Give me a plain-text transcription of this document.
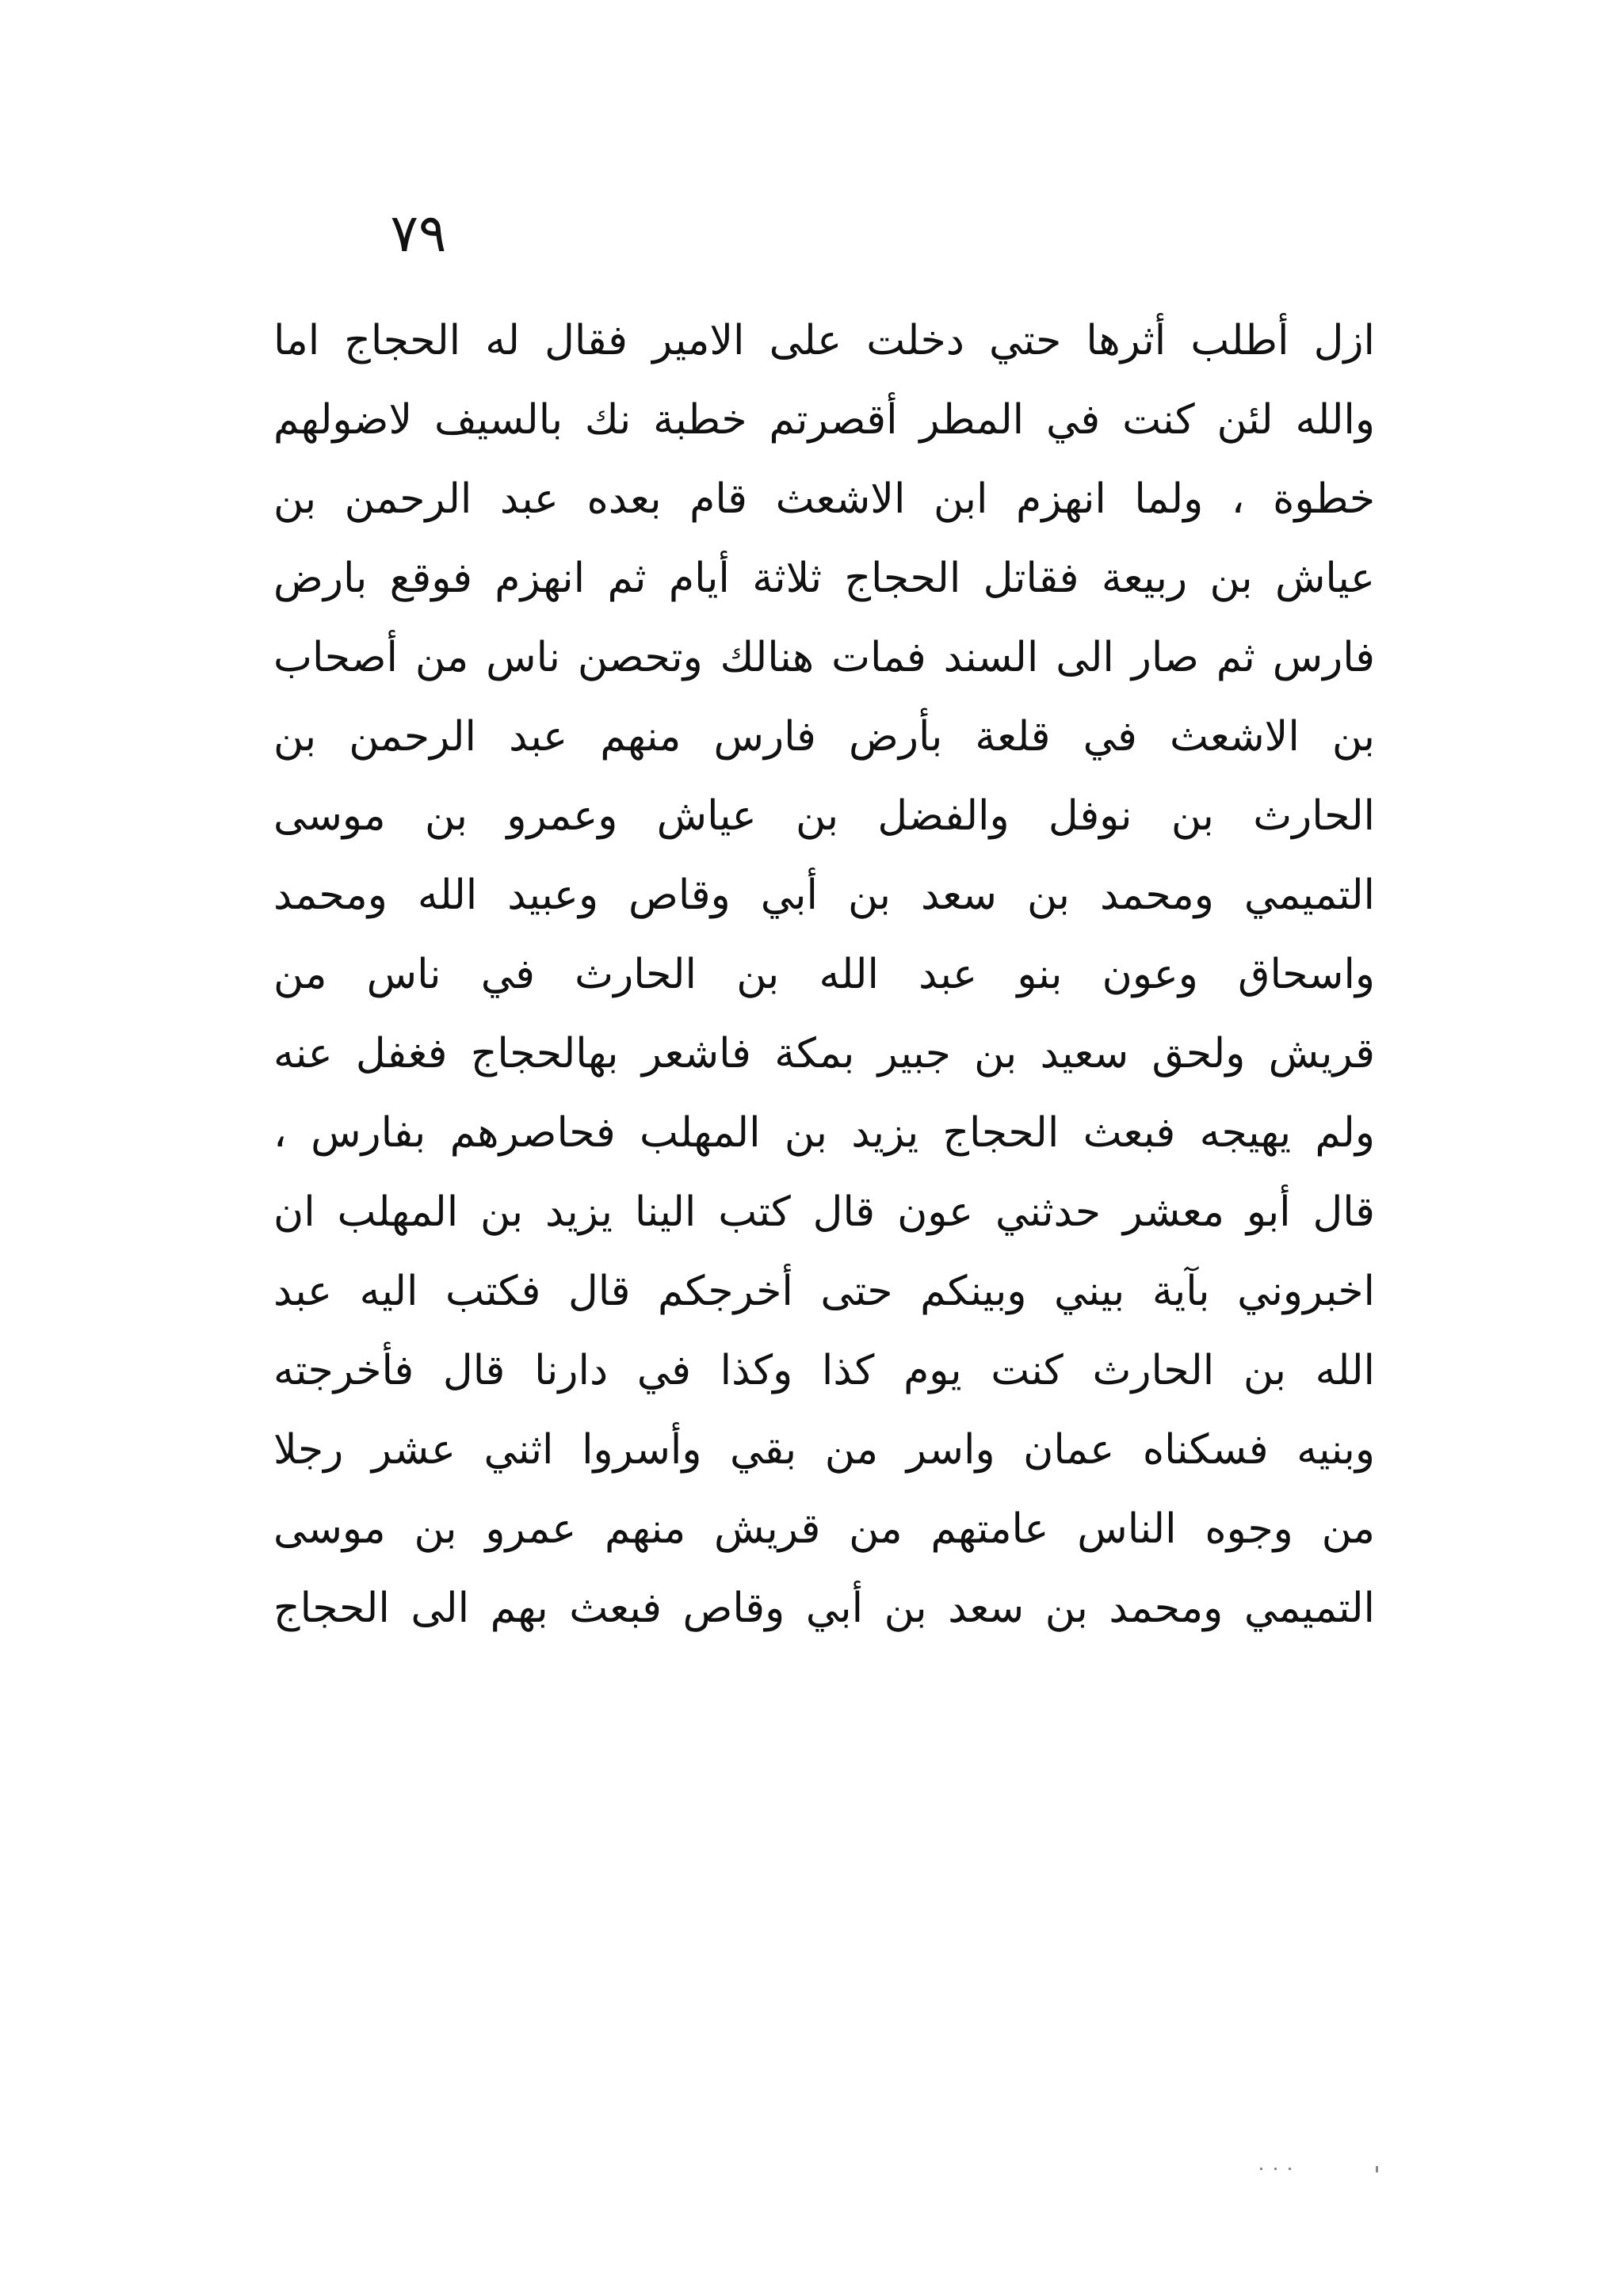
٧٩
ازل أطلب أثرها حتي دخلت على الامير فقال له الحجاج اما
والله لئن كنت في المطر أقصرتم خطبة نك بالسيف لاضولهم
خطوة ، ولما انهزم ابن الاشعث قام بعده عبد الرحمن بن
عياش بن ربيعة فقاتل الحجاج ثلاثة أيام ثم انهزم فوقع بارض
فارس ثم صار الى السند فمات هنالك وتحصن ناس من أصحاب
بن الاشعث في قلعة بأرض فارس منهم عبد الرحمن بن
الحارث بن نوفل والفضل بن عياش وعمرو بن موسى
التميمي ومحمد بن سعد بن أبي وقاص وعبيد الله ومحمد
واسحاق وعون بنو عبد الله بن الحارث في ناس من
قريش ولحق سعيد بن جبير بمكة فاشعر بهالحجاج فغفل عنه
ولم يهيجه فبعث الحجاج يزيد بن المهلب فحاصرهم بفارس ،
قال أبو معشر حدثني عون قال كتب الينا يزيد بن المهلب ان
اخبروني بآية بيني وبينكم حتى أخرجكم قال فكتب اليه عبد
الله بن الحارث كنت يوم كذا وكذا في دارنا قال فأخرجته
وبنيه فسكناه عمان واسر من بقي وأسروا اثني عشر رجلا
من وجوه الناس عامتهم من قريش منهم عمرو بن موسى
التميمي ومحمد بن سعد بن أبي وقاص فبعث بهم الى الحجاج
